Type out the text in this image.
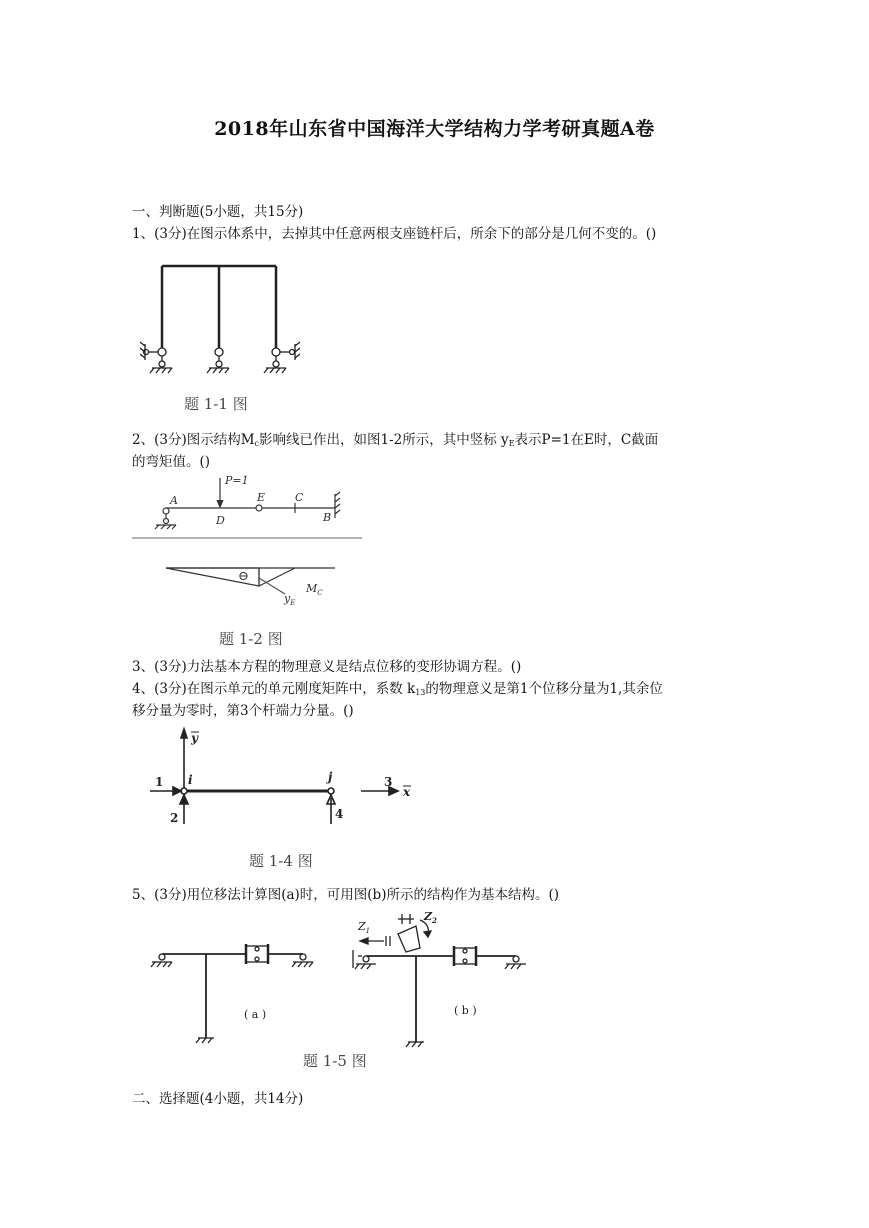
2018年山东省中国海洋大学结构力学考研真题A卷
一、判断题(5小题，共15分)
1、(3分)在图示体系中，去掉其中任意两根支座链杆后，所余下的部分是几何不变的。()
题 1-1 图
2、(3分)图示结构$M_c$影响线已作出，如图1-2所示，其中竖标 $y_E$表示P=1在E时，C截面
的弯矩值。()
P=1
A
D
E	C
B
⊖
$M_C$
$y_E$
题 1-2 图
3、(3分)力法基本方程的物理意义是结点位移的变形协调方程。()
4、(3分)在图示单元的单元刚度矩阵中，系数 $k_{13}$的物理意义是第1个位移分量为1,其余位
移分量为零时，第3个杆端力分量。()
y
x
i	j
1
2
3
4
题 1-4 图
5、(3分)用位移法计算图(a)时，可用图(b)所示的结构作为基本结构。()
( a )	( b )
$Z_1$
$Z_2$
题 1-5 图
二、选择题(4小题，共14分)
